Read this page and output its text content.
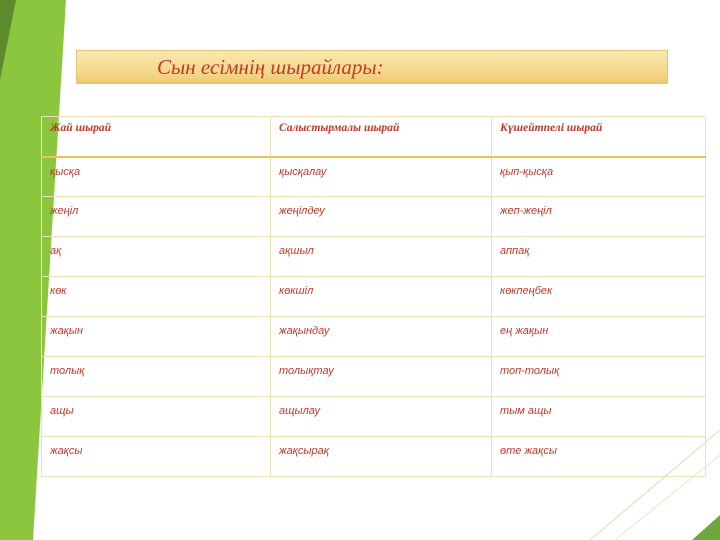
Сын есімнің шырайлары:
Жай шырай	Салыстырмалы шырай	Күшейтпелі шырай
қысқа	қысқалау	қып-қысқа
жеңіл	жеңілдеу	жеп-жеңіл
ақ	ақшыл	аппақ
көк	көкшіл	көкпеңбек
жақын	жақындау	ең жақын
толық	толықтау	топ-толық
ащы	ащылау	тым ащы
жақсы	жақсырақ	өте жақсы
